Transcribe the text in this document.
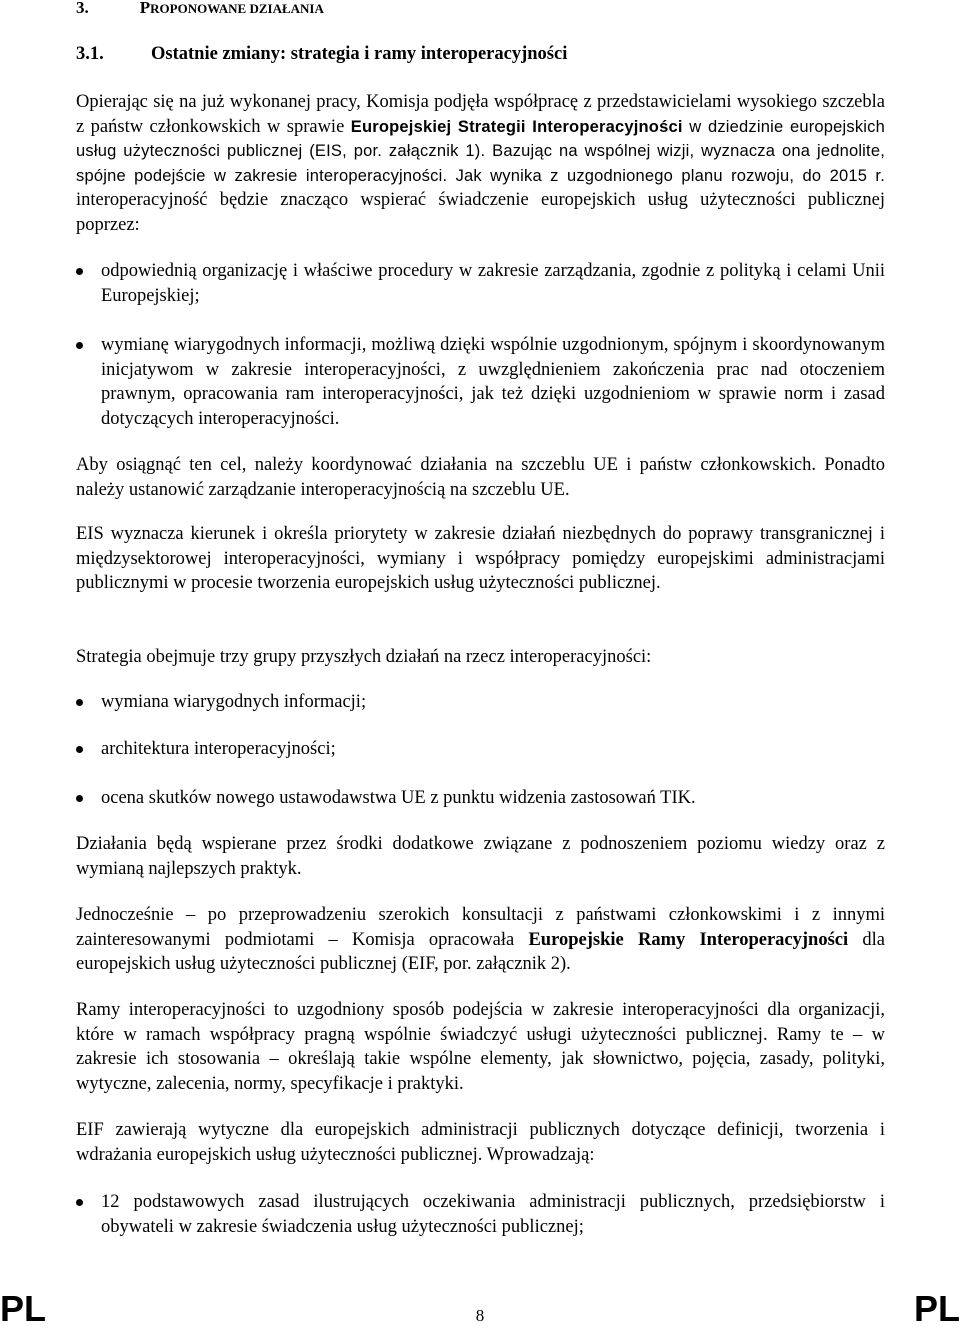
3.	PROPONOWANE DZIAŁANIA
3.1.	Ostatnie zmiany: strategia i ramy interoperacyjności
Opierając się na już wykonanej pracy, Komisja podjęła współpracę z przedstawicielami wysokiego szczebla z państw członkowskich w sprawie Europejskiej Strategii Interoperacyjności w dziedzinie europejskich usług użyteczności publicznej (EIS, por. załącznik 1). Bazując na wspólnej wizji, wyznacza ona jednolite, spójne podejście w zakresie interoperacyjności. Jak wynika z uzgodnionego planu rozwoju, do 2015 r. interoperacyjność będzie znacząco wspierać świadczenie europejskich usług użyteczności publicznej poprzez:
odpowiednią organizację i właściwe procedury w zakresie zarządzania, zgodnie z polityką i celami Unii Europejskiej;
wymianę wiarygodnych informacji, możliwą dzięki wspólnie uzgodnionym, spójnym i skoordynowanym inicjatywom w zakresie interoperacyjności, z uwzględnieniem zakończenia prac nad otoczeniem prawnym, opracowania ram interoperacyjności, jak też dzięki uzgodnieniom w sprawie norm i zasad dotyczących interoperacyjności.
Aby osiągnąć ten cel, należy koordynować działania na szczeblu UE i państw członkowskich. Ponadto należy ustanowić zarządzanie interoperacyjnością na szczeblu UE.
EIS wyznacza kierunek i określa priorytety w zakresie działań niezbędnych do poprawy transgranicznej i międzysektorowej interoperacyjności, wymiany i współpracy pomiędzy europejskimi administracjami publicznymi w procesie tworzenia europejskich usług użyteczności publicznej.
Strategia obejmuje trzy grupy przyszłych działań na rzecz interoperacyjności:
wymiana wiarygodnych informacji;
architektura interoperacyjności;
ocena skutków nowego ustawodawstwa UE z punktu widzenia zastosowań TIK.
Działania będą wspierane przez środki dodatkowe związane z podnoszeniem poziomu wiedzy oraz z wymianą najlepszych praktyk.
Jednocześnie – po przeprowadzeniu szerokich konsultacji z państwami członkowskimi i z innymi zainteresowanymi podmiotami – Komisja opracowała Europejskie Ramy Interoperacyjności dla europejskich usług użyteczności publicznej (EIF, por. załącznik 2).
Ramy interoperacyjności to uzgodniony sposób podejścia w zakresie interoperacyjności dla organizacji, które w ramach współpracy pragną wspólnie świadczyć usługi użyteczności publicznej. Ramy te – w zakresie ich stosowania – określają takie wspólne elementy, jak słownictwo, pojęcia, zasady, polityki, wytyczne, zalecenia, normy, specyfikacje i praktyki.
EIF zawierają wytyczne dla europejskich administracji publicznych dotyczące definicji, tworzenia i wdrażania europejskich usług użyteczności publicznej. Wprowadzają:
12 podstawowych zasad ilustrujących oczekiwania administracji publicznych, przedsiębiorstw i obywateli w zakresie świadczenia usług użyteczności publicznej;
PL	8	PL
